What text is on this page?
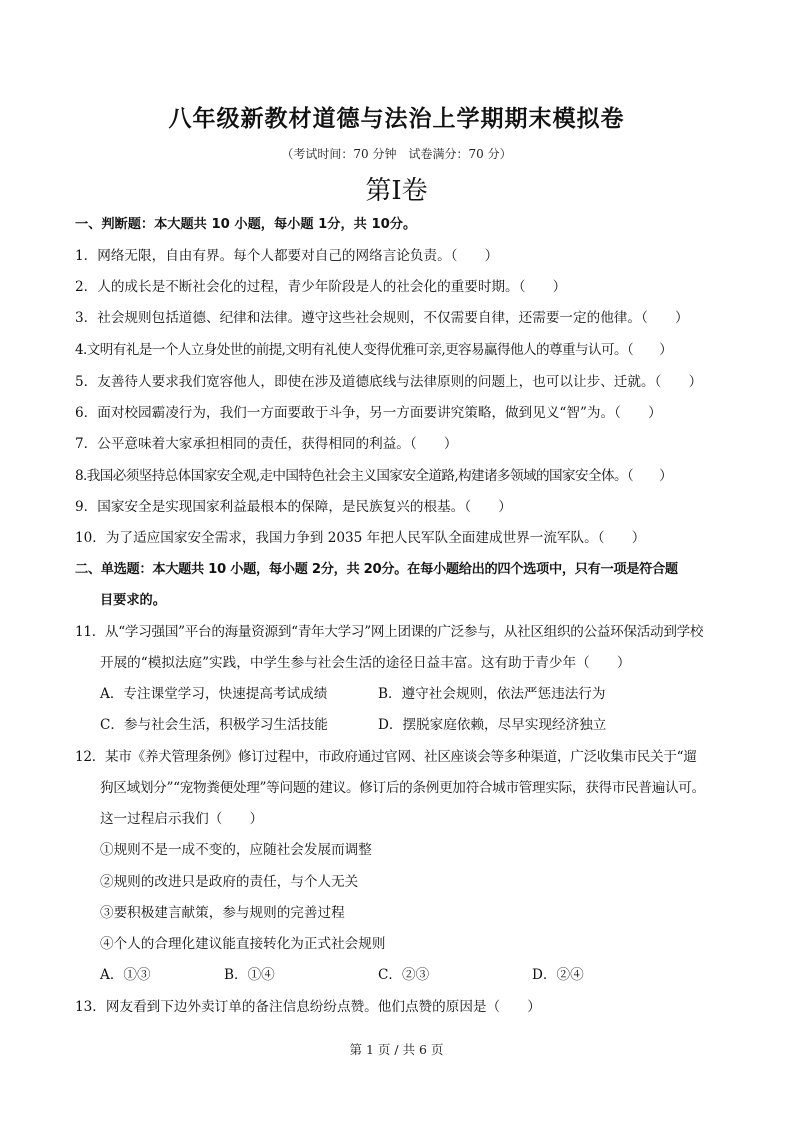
八年级新教材道德与法治上学期期末模拟卷
（考试时间：70 分钟　试卷满分：70 分）
第I卷
一、判断题：本大题共 10 小题，每小题 1分，共 10分。
1．网络无限，自由有界。每个人都要对自己的网络言论负责。（　　）
2．人的成长是不断社会化的过程，青少年阶段是人的社会化的重要时期。（　　）
3．社会规则包括道德、纪律和法律。遵守这些社会规则，不仅需要自律，还需要一定的他律。（　　）
4.文明有礼是一个人立身处世的前提,文明有礼使人变得优雅可亲,更容易赢得他人的尊重与认可。（　　）
5．友善待人要求我们宽容他人，即使在涉及道德底线与法律原则的问题上，也可以让步、迁就。（　　）
6．面对校园霸凌行为，我们一方面要敢于斗争，另一方面要讲究策略，做到见义“智”为。（　　）
7．公平意味着大家承担相同的责任，获得相同的利益。（　　）
8.我国必须坚持总体国家安全观,走中国特色社会主义国家安全道路,构建诸多领域的国家安全体。（　　）
9．国家安全是实现国家利益最根本的保障，是民族复兴的根基。（　　）
10．为了适应国家安全需求，我国力争到 2035 年把人民军队全面建成世界一流军队。（　　）
二、单选题：本大题共 10 小题，每小题 2分，共 20分。在每小题给出的四个选项中，只有一项是符合题
目要求的。
11．从“学习强国”平台的海量资源到“青年大学习”网上团课的广泛参与，从社区组织的公益环保活动到学校
开展的“模拟法庭”实践，中学生参与社会生活的途径日益丰富。这有助于青少年（　　）
A．专注课堂学习，快速提高考试成绩	B．遵守社会规则，依法严惩违法行为
C．参与社会生活，积极学习生活技能	D．摆脱家庭依赖，尽早实现经济独立
12．某市《养犬管理条例》修订过程中，市政府通过官网、社区座谈会等多种渠道，广泛收集市民关于“遛
狗区域划分”“宠物粪便处理”等问题的建议。修订后的条例更加符合城市管理实际，获得市民普遍认可。
这一过程启示我们（　　）
①规则不是一成不变的，应随社会发展而调整
②规则的改进只是政府的责任，与个人无关
③要积极建言献策，参与规则的完善过程
④个人的合理化建议能直接转化为正式社会规则
A．①③	B．①④	C．②③	D．②④
13．网友看到下边外卖订单的备注信息纷纷点赞。他们点赞的原因是（　　）
第 1 页 / 共 6 页
